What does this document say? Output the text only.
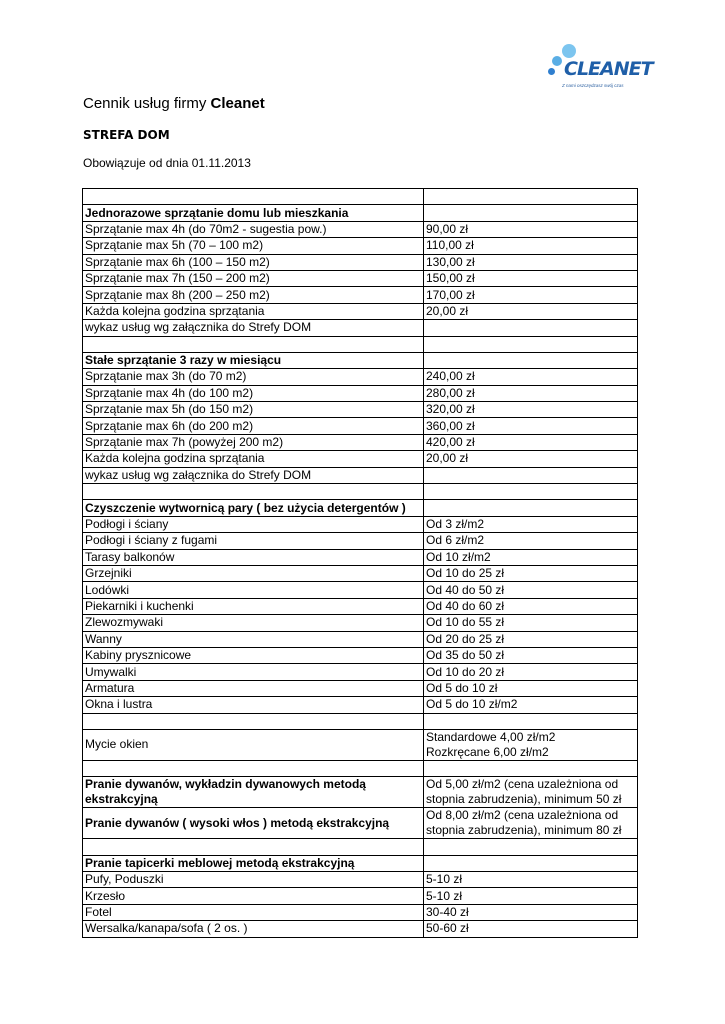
CLEANET
Z nami oszczędzasz swój czas
Cennik usług firmy Cleanet
STREFA DOM
Obowiązuje od dnia 01.11.2013

Jednorazowe sprzątanie domu lub mieszkania	
Sprzątanie max 4h (do 70m2 - sugestia pow.)	90,00 zł
Sprzątanie max 5h (70 – 100 m2)	110,00 zł
Sprzątanie max 6h (100 – 150 m2)	130,00 zł
Sprzątanie max 7h (150 – 200 m2)	150,00 zł
Sprzątanie max 8h (200 – 250 m2)	170,00 zł
Każda kolejna godzina sprzątania	20,00 zł
wykaz usług wg załącznika do Strefy DOM	

Stałe sprzątanie 3 razy w miesiącu	
Sprzątanie max 3h (do 70 m2)	240,00 zł
Sprzątanie max 4h (do 100 m2)	280,00 zł
Sprzątanie max 5h (do 150 m2)	320,00 zł
Sprzątanie max 6h (do 200 m2)	360,00 zł
Sprzątanie max 7h (powyżej 200 m2)	420,00 zł
Każda kolejna godzina sprzątania	20,00 zł
wykaz usług wg załącznika do Strefy DOM	

Czyszczenie wytwornicą pary ( bez użycia detergentów )	
Podłogi i ściany	Od 3 zł/m2
Podłogi i ściany z fugami	Od 6 zł/m2
Tarasy balkonów	Od 10 zł/m2
Grzejniki	Od 10 do 25 zł
Lodówki	Od 40 do 50 zł
Piekarniki i kuchenki	Od 40 do 60 zł
Zlewozmywaki	Od 10 do 55 zł
Wanny	Od 20 do 25 zł
Kabiny prysznicowe	Od 35 do 50 zł
Umywalki	Od 10 do 20 zł
Armatura	Od 5 do 10 zł
Okna i lustra	Od 5 do 10 zł/m2

Mycie okien	Standardowe 4,00 zł/m2
Rozkręcane 6,00 zł/m2

Pranie dywanów, wykładzin dywanowych metodą ekstrakcyjną	Od 5,00 zł/m2 (cena uzależniona od stopnia zabrudzenia), minimum 50 zł
Pranie dywanów ( wysoki włos ) metodą ekstrakcyjną	Od 8,00 zł/m2 (cena uzależniona od stopnia zabrudzenia), minimum 80 zł

Pranie tapicerki meblowej metodą ekstrakcyjną	
Pufy, Poduszki	5-10 zł
Krzesło	5-10 zł
Fotel	30-40 zł
Wersalka/kanapa/sofa ( 2 os. )	50-60 zł
